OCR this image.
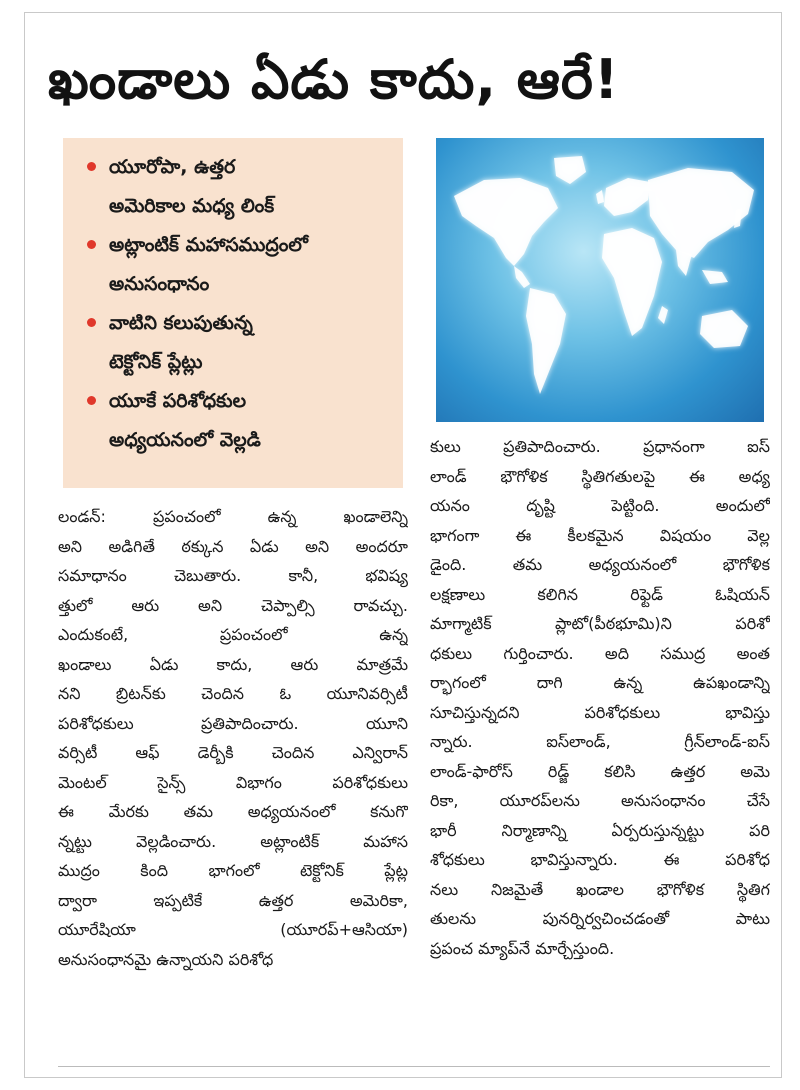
ఖండాలు ఏడు కాదు, ఆరే!
యూరోపా, ఉత్తర
అమెరికాల మధ్య లింక్
అట్లాంటిక్ మహాసముద్రంలో
అనుసంధానం
వాటిని కలుపుతున్న
టెక్టోనిక్ ప్లేట్లు
యూకే పరిశోధకుల
అధ్యయనంలో వెల్లడి
లండన్: ప్రపంచంలో ఉన్న ఖండాలెన్ని
అని అడిగితే ఠక్కున ఏడు అని అందరూ
సమాధానం చెబుతారు. కానీ, భవిష్య
త్తులో ఆరు అని చెప్పాల్సి రావచ్చు.
ఎందుకంటే, ప్రపంచంలో ఉన్న
ఖండాలు ఏడు కాదు, ఆరు మాత్రమే
నని బ్రిటన్‌కు చెందిన ఓ యూనివర్సిటీ
పరిశోధకులు ప్రతిపాదించారు. యూని
వర్సిటీ ఆఫ్ డెర్బీకి చెందిన ఎన్విరాన్
మెంటల్ సైన్స్ విభాగం పరిశోధకులు
ఈ మేరకు తమ అధ్యయనంలో కనుగొ
న్నట్టు వెల్లడించారు. అట్లాంటిక్ మహాస
ముద్రం కింది భాగంలో టెక్టోనిక్ ప్లేట్ల
ద్వారా ఇప్పటికే ఉత్తర అమెరికా,
యూరేషియా (యూరప్+ఆసియా)
అనుసంధానమై ఉన్నాయని పరిశోధ
కులు ప్రతిపాదించారు. ప్రధానంగా ఐస్
లాండ్ భౌగోళిక స్థితిగతులపై ఈ అధ్య
యనం దృష్టి పెట్టింది. అందులో
భాగంగా ఈ కీలకమైన విషయం వెల్ల
డైంది. తమ అధ్యయనంలో భౌగోళిక
లక్షణాలు కలిగిన రిఫ్టెడ్ ఓషియన్
మాగ్మాటిక్ ప్లాటో(పీఠభూమి)ని పరిశో
ధకులు గుర్తించారు. అది సముద్ర అంత
ర్భాగంలో దాగి ఉన్న ఉపఖండాన్ని
సూచిస్తున్నదని పరిశోధకులు భావిస్తు
న్నారు. ఐస్‌లాండ్, గ్రీన్‌లాండ్-ఐస్
లాండ్-ఫారోస్ రిడ్జ్ కలిసి ఉత్తర అమె
రికా, యూరప్‌లను అనుసంధానం చేసే
భారీ నిర్మాణాన్ని ఏర్పరుస్తున్నట్టు పరి
శోధకులు భావిస్తున్నారు. ఈ పరిశోధ
నలు నిజమైతే ఖండాల భౌగోళిక స్థితిగ
తులను పునర్నిర్వచించడంతో పాటు
ప్రపంచ మ్యాప్‌నే మార్చేస్తుంది.
